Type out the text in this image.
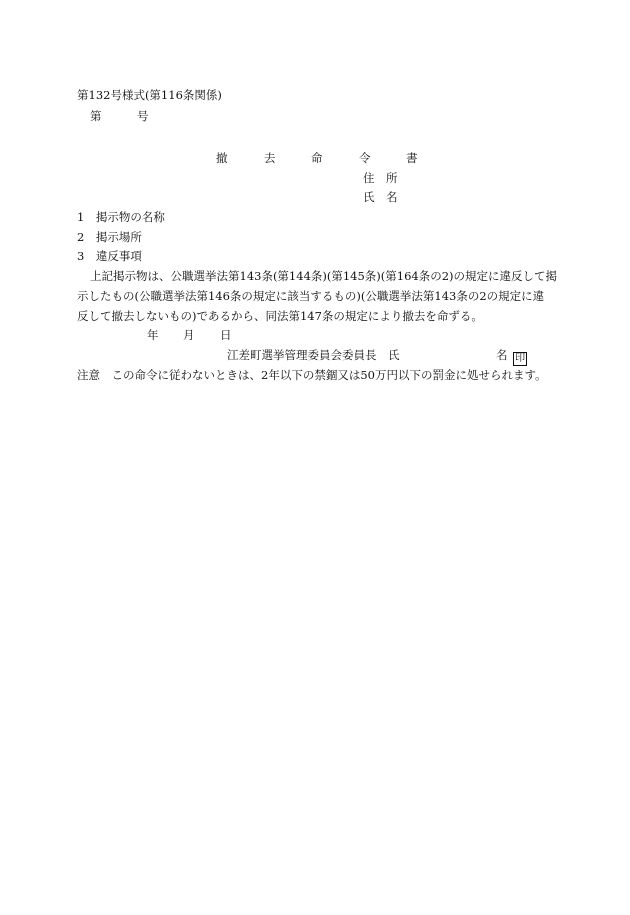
第132号様式(第116条関係)
第	号
撤	去	命	令	書
住　所
氏　名
1　掲示物の名称
2　掲示場所
3　違反事項
上記掲示物は、公職選挙法第143条(第144条)(第145条)(第164条の2)の規定に違反して掲
示したもの(公職選挙法第146条の規定に該当するもの)(公職選挙法第143条の2の規定に違
反して撤去しないもの)であるから、同法第147条の規定により撤去を命ずる。
年 月 日
江差町選挙管理委員会委員長　氏	名 印
注意　この命令に従わないときは、2年以下の禁錮又は50万円以下の罰金に処せられます。
